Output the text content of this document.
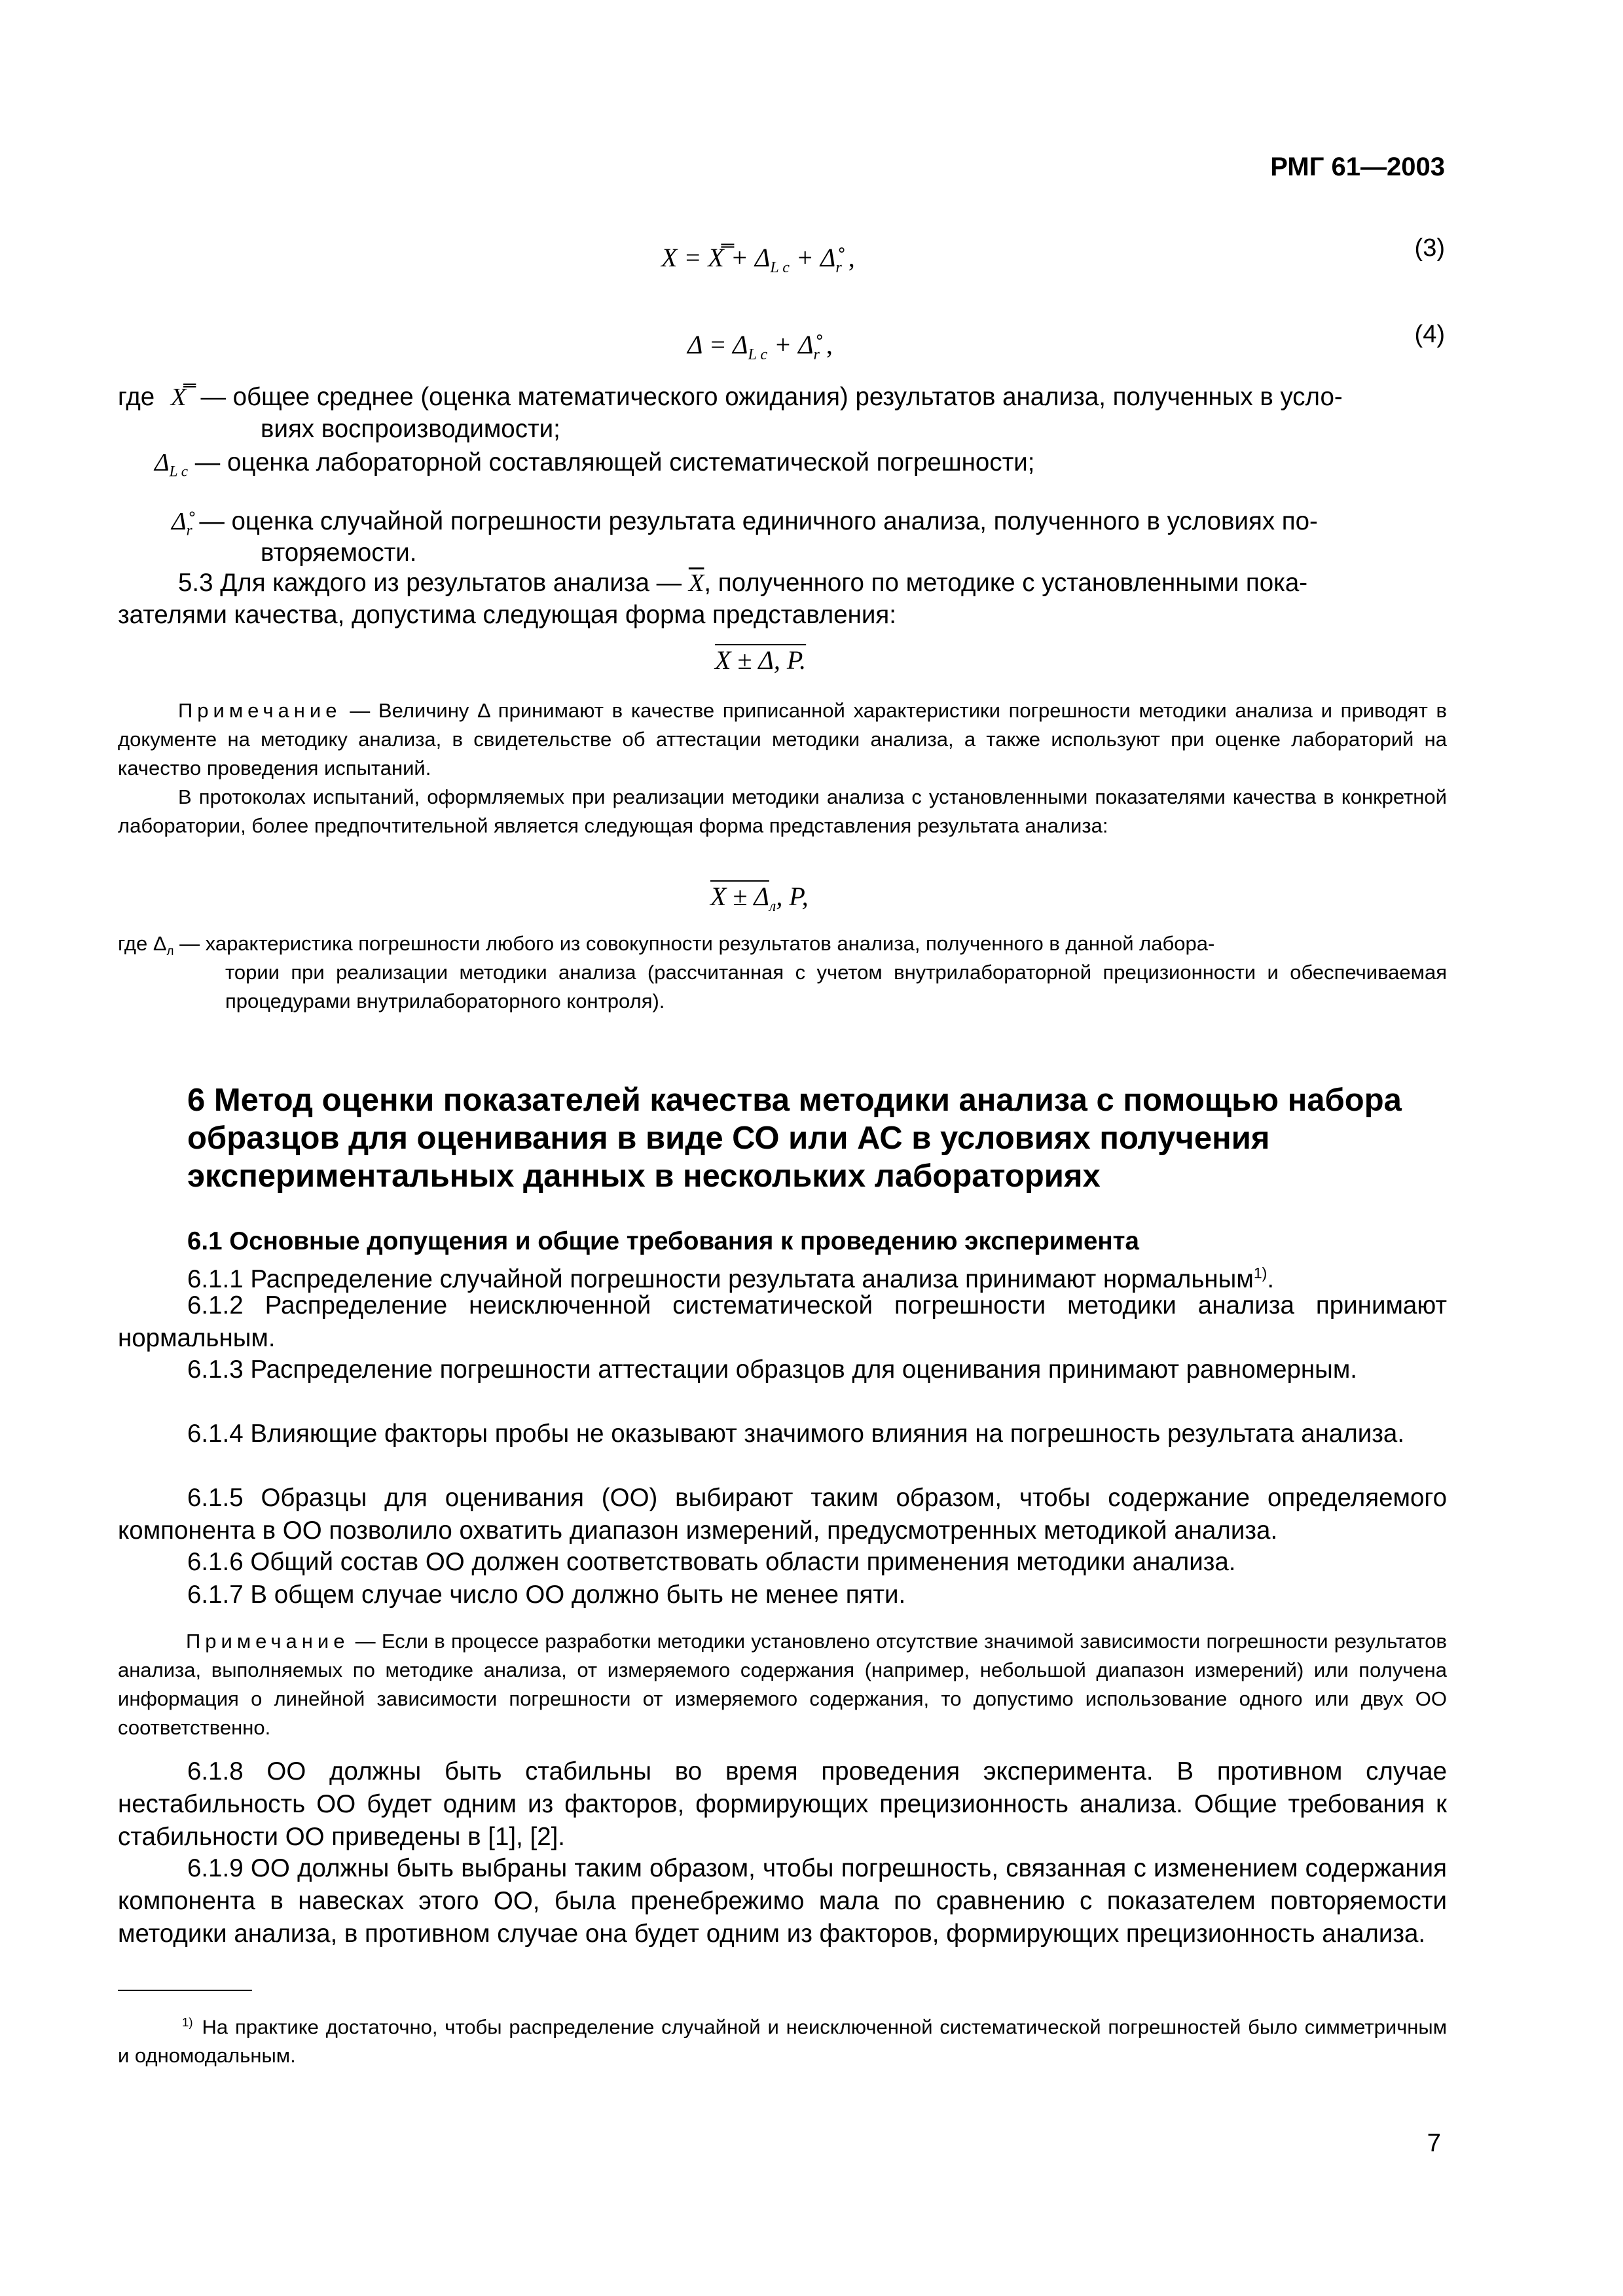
РМГ 61—2003
X = X̿ + $\Delta_{L c}$ + $\Deltå_r$ ,	(3)
$\Delta = \Delta_{L c}$ + $\Deltå_r$ ,	(4)
где X̿ — общее среднее (оценка математического ожидания) результатов анализа, полученных в усло-
виях воспроизводимости;
$\Delta_{L c}$ — оценка лабораторной составляющей систематической погрешности;
$\Deltå_r$ — оценка случайной погрешности результата единичного анализа, полученного в условиях по-
вторяемости.
5.3 Для каждого из результатов анализа — $\overline{X}$, полученного по методике с установленными пока-
зателями качества, допустима следующая форма представления:
X ± Δ, P.
Примечание — Величину Δ принимают в качестве приписанной характеристики погрешности методики анализа и приводят в документе на методику анализа, в свидетельстве об аттестации методики анализа, а также используют при оценке лабораторий на качество проведения испытаний.
В протоколах испытаний, оформляемых при реализации методики анализа с установленными показателями качества в конкретной лаборатории, более предпочтительной является следующая форма представления результата анализа:
$X \pm \Delta_л$, P,
где $\Delta_л$ — характеристика погрешности любого из совокупности результатов анализа, полученного в данной лабора-
тории при реализации методики анализа (рассчитанная с учетом внутрилабораторной прецизионности и обеспечиваемая процедурами внутрилабораторного контроля).
6 Метод оценки показателей качества методики анализа с помощью набора образцов для оценивания в виде СО или АС в условиях получения экспериментальных данных в нескольких лабораториях
6.1 Основные допущения и общие требования к проведению эксперимента
6.1.1 Распределение случайной погрешности результата анализа принимают нормальным$^{1)}$.
6.1.2 Распределение неисключенной систематической погрешности методики анализа принимают нормальным.
6.1.3 Распределение погрешности аттестации образцов для оценивания принимают равномерным.
6.1.4 Влияющие факторы пробы не оказывают значимого влияния на погрешность результата анализа.
6.1.5 Образцы для оценивания (ОО) выбирают таким образом, чтобы содержание определяемого компонента в ОО позволило охватить диапазон измерений, предусмотренных методикой анализа.
6.1.6 Общий состав ОО должен соответствовать области применения методики анализа.
6.1.7 В общем случае число ОО должно быть не менее пяти.
Примечание — Если в процессе разработки методики установлено отсутствие значимой зависимости погрешности результатов анализа, выполняемых по методике анализа, от измеряемого содержания (например, небольшой диапазон измерений) или получена информация о линейной зависимости погрешности от измеряемого содержания, то допустимо использование одного или двух ОО соответственно.
6.1.8 ОО должны быть стабильны во время проведения эксперимента. В противном случае нестабильность ОО будет одним из факторов, формирующих прецизионность анализа. Общие требования к стабильности ОО приведены в [1], [2].
6.1.9 ОО должны быть выбраны таким образом, чтобы погрешность, связанная с изменением содержания компонента в навесках этого ОО, была пренебрежимо мала по сравнению с показателем повторяемости методики анализа, в противном случае она будет одним из факторов, формирующих прецизионность анализа.
$^{1)}$ На практике достаточно, чтобы распределение случайной и неисключенной систематической погрешностей было симметричным и одномодальным.
7
